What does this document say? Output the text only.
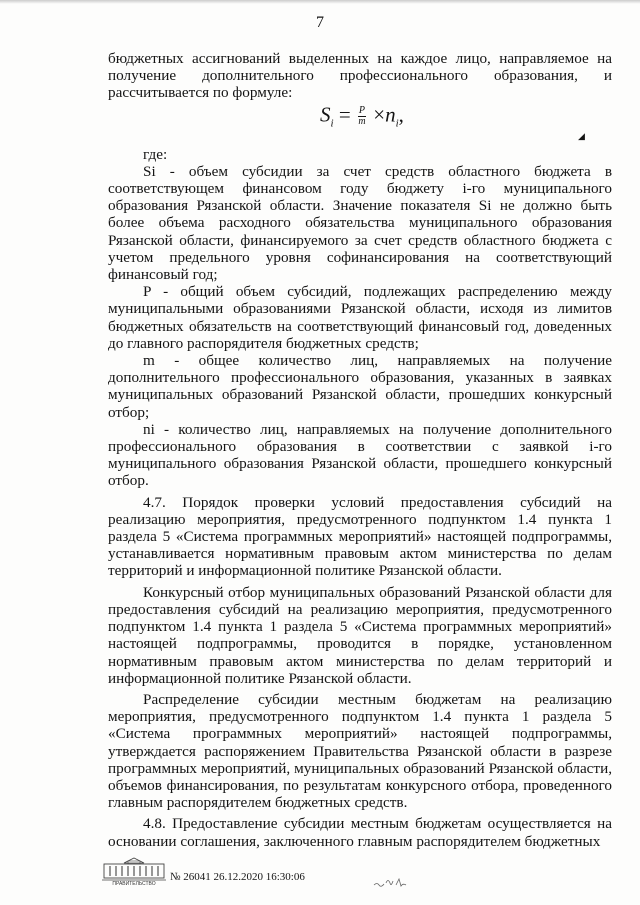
7

бюджетных ассигнований выделенных на каждое лицо, направляемое на получение дополнительного профессионального образования, и рассчитывается по формуле:

$S_i = \frac{P}{m} \times n_i$,
◢

где:

Si - объем субсидии за счет средств областного бюджета в соответствующем финансовом году бюджету i-го муниципального образования Рязанской области. Значение показателя Si не должно быть более объема расходного обязательства муниципального образования Рязанской области, финансируемого за счет средств областного бюджета с учетом предельного уровня софинансирования на соответствующий финансовый год;

P - общий объем субсидий, подлежащих распределению между муниципальными образованиями Рязанской области, исходя из лимитов бюджетных обязательств на соответствующий финансовый год, доведенных до главного распорядителя бюджетных средств;

m - общее количество лиц, направляемых на получение дополнительного профессионального образования, указанных в заявках муниципальных образований Рязанской области, прошедших конкурсный отбор;

ni - количество лиц, направляемых на получение дополнительного профессионального образования в соответствии с заявкой i-го муниципального образования Рязанской области, прошедшего конкурсный отбор.

4.7. Порядок проверки условий предоставления субсидий на реализацию мероприятия, предусмотренного подпунктом 1.4 пункта 1 раздела 5 «Система программных мероприятий» настоящей подпрограммы, устанавливается нормативным правовым актом министерства по делам территорий и информационной политике Рязанской области.

Конкурсный отбор муниципальных образований Рязанской области для предоставления субсидий на реализацию мероприятия, предусмотренного подпунктом 1.4 пункта 1 раздела 5 «Система программных мероприятий» настоящей подпрограммы, проводится в порядке, установленном нормативным правовым актом министерства по делам территорий и информационной политике Рязанской области.

Распределение субсидии местным бюджетам на реализацию мероприятия, предусмотренного подпунктом 1.4 пункта 1 раздела 5 «Система программных мероприятий» настоящей подпрограммы, утверждается распоряжением Правительства Рязанской области в разрезе программных мероприятий, муниципальных образований Рязанской области, объемов финансирования, по результатам конкурсного отбора, проведенного главным распорядителем бюджетных средств.

4.8. Предоставление субсидии местным бюджетам осуществляется на основании соглашения, заключенного главным распорядителем бюджетных

ПРАВИТЕЛЬСТВО
№ 26041 26.12.2020 16:30:06
